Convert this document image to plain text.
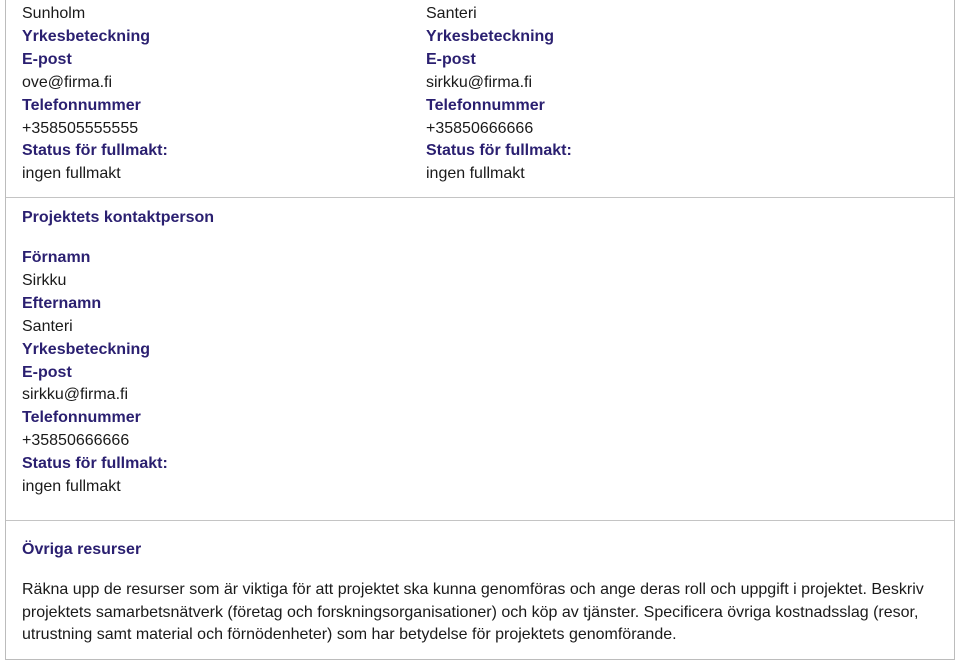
Sunholm
Yrkesbeteckning
E-post
ove@firma.fi
Telefonnummer
+358505555555
Status för fullmakt:
ingen fullmakt
Santeri
Yrkesbeteckning
E-post
sirkku@firma.fi
Telefonnummer
+35850666666
Status för fullmakt:
ingen fullmakt
Projektets kontaktperson
Förnamn
Sirkku
Efternamn
Santeri
Yrkesbeteckning
E-post
sirkku@firma.fi
Telefonnummer
+35850666666
Status för fullmakt:
ingen fullmakt
Övriga resurser
Räkna upp de resurser som är viktiga för att projektet ska kunna genomföras och ange deras roll och uppgift i projektet. Beskriv projektets samarbetsnätverk (företag och forskningsorganisationer) och köp av tjänster. Specificera övriga kostnadsslag (resor, utrustning samt material och förnödenheter) som har betydelse för projektets genomförande.
